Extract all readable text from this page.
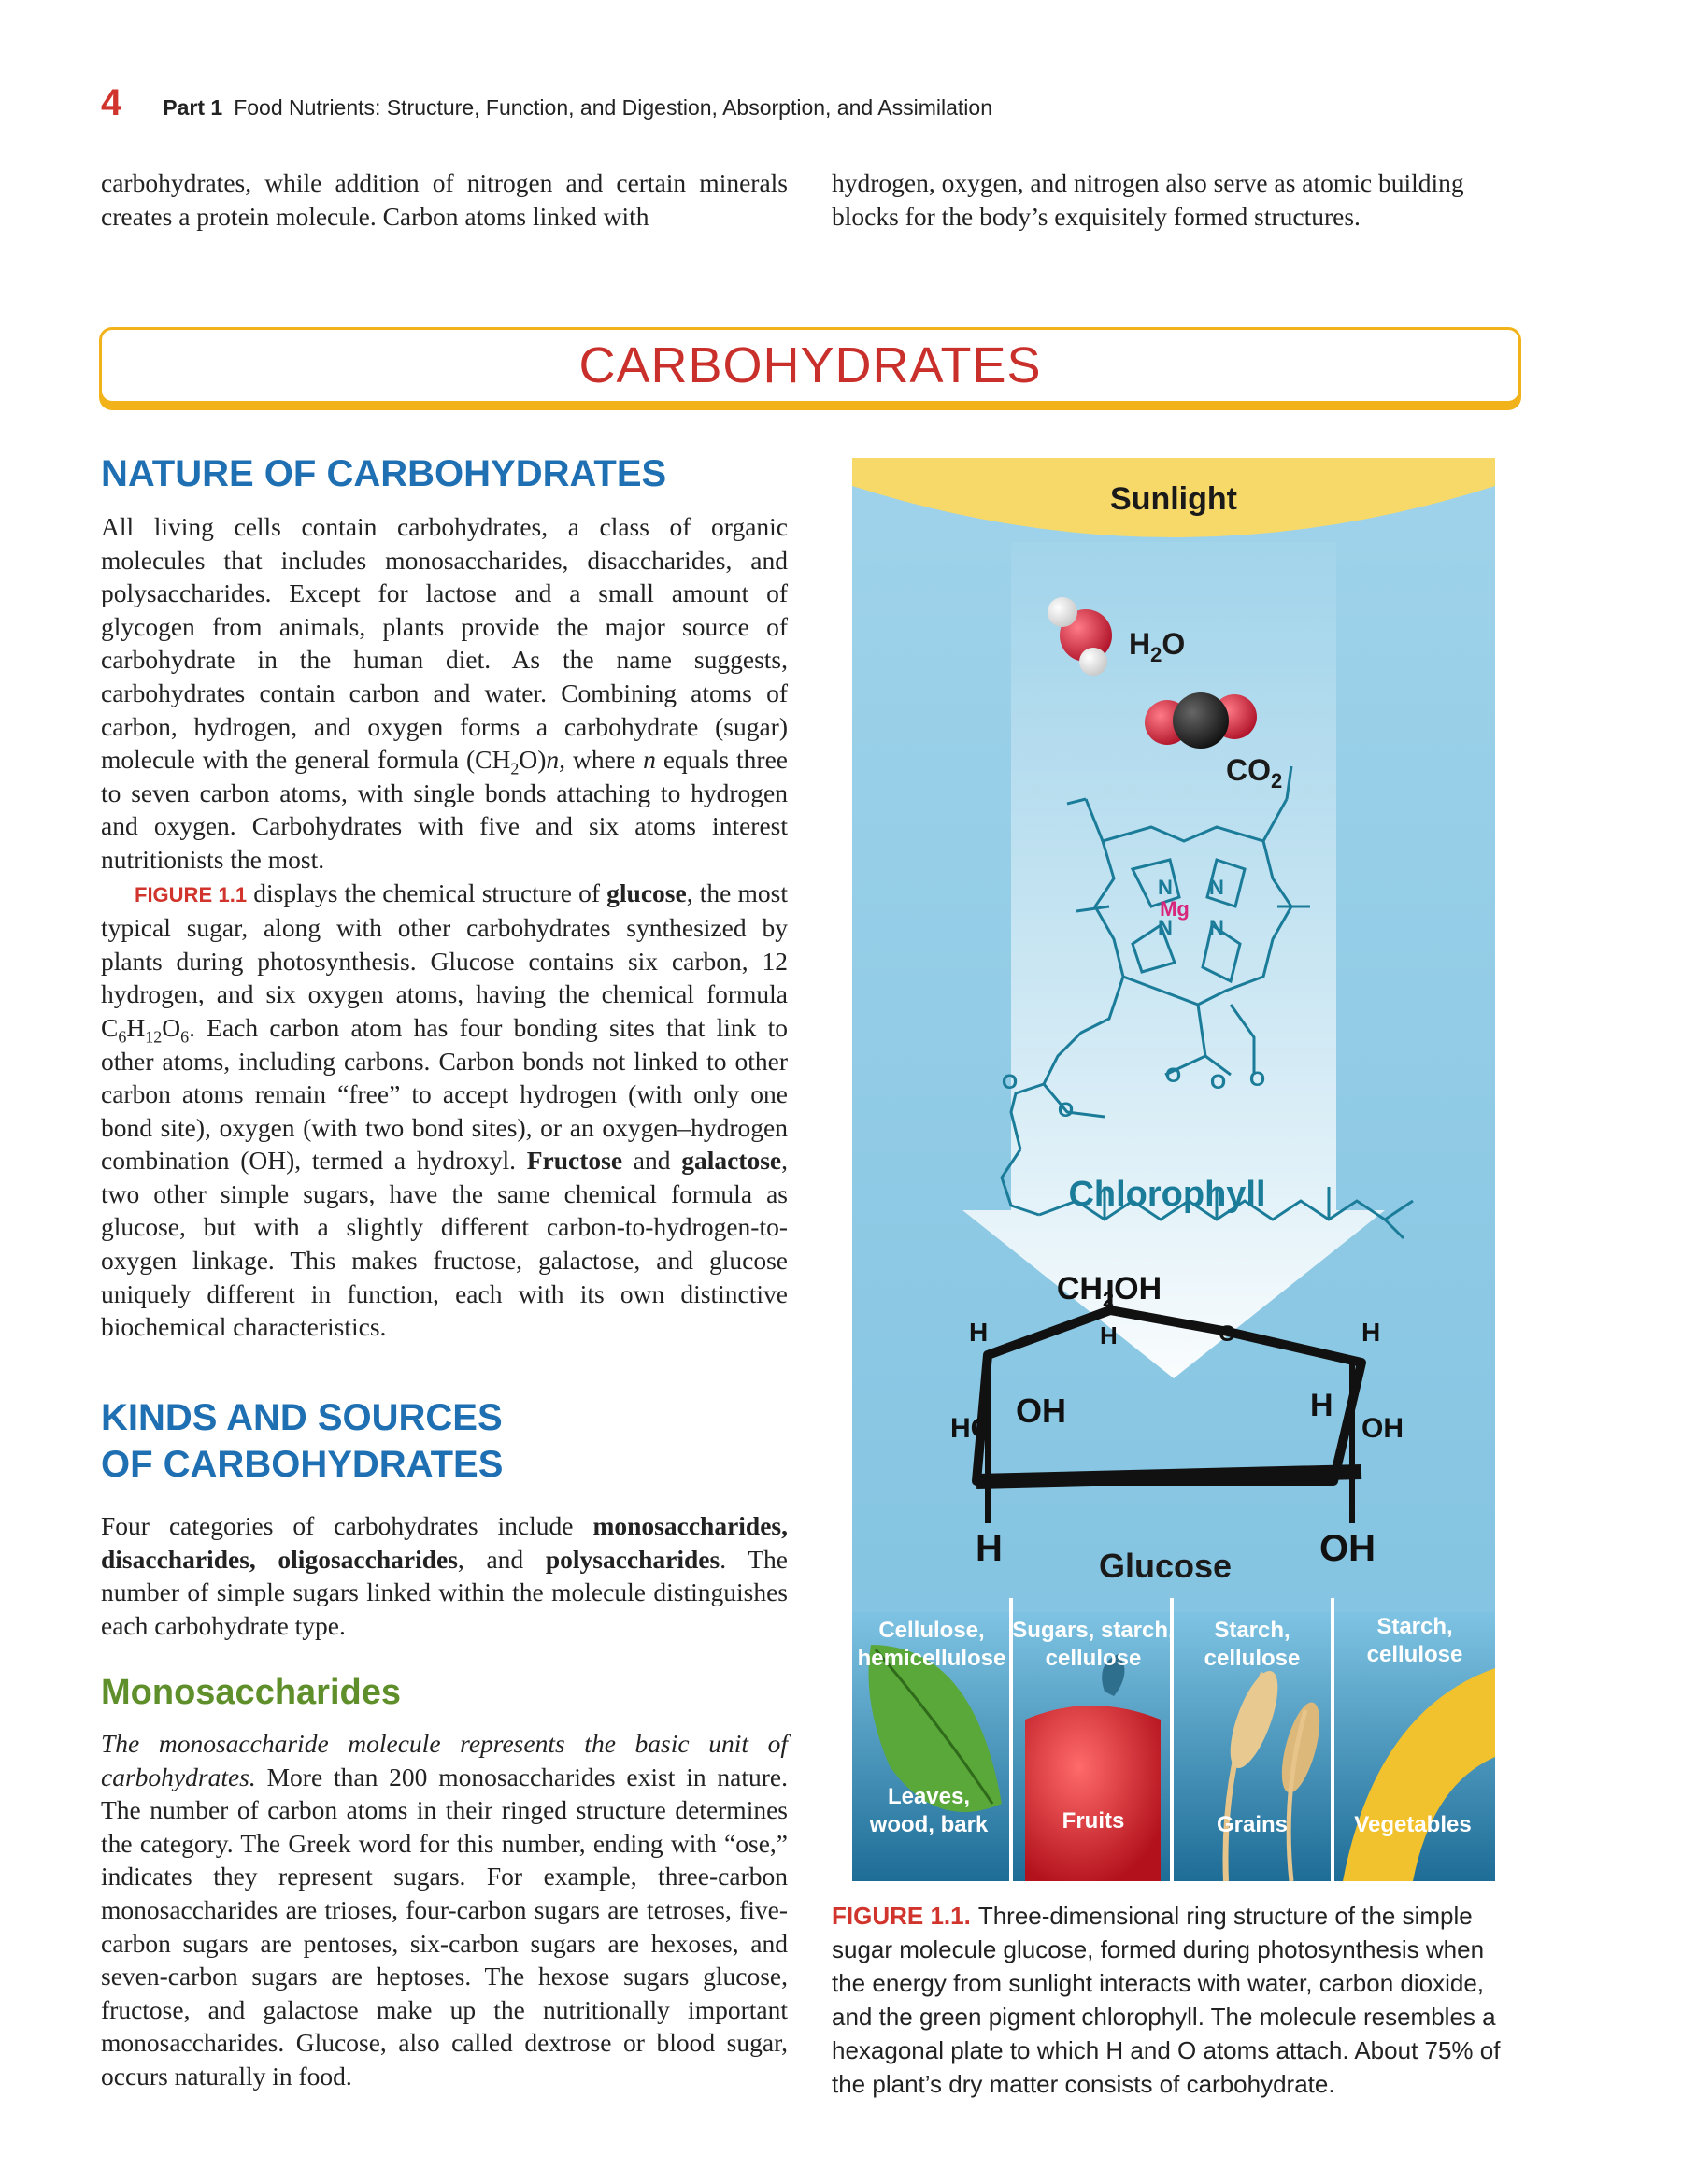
4 Part 1 Food Nutrients: Structure, Function, and Digestion, Absorption, and Assimilation

carbohydrates, while addition of nitrogen and certain minerals creates a protein molecule. Carbon atoms linked with

hydrogen, oxygen, and nitrogen also serve as atomic building blocks for the body’s exquisitely formed structures.

CARBOHYDRATES
NATURE OF CARBOHYDRATES

All living cells contain carbohydrates, a class of organic molecules that includes monosaccharides, disaccharides, and polysaccharides. Except for lactose and a small amount of glycogen from animals, plants provide the major source of carbohydrate in the human diet. As the name suggests, carbohydrates contain carbon and water. Combining atoms of carbon, hydrogen, and oxygen forms a carbohydrate (sugar) molecule with the general formula $(CH_2O)n$, where n equals three to seven carbon atoms, with single bonds attaching to hydrogen and oxygen. Carbohydrates with five and six atoms interest nutritionists the most.

FIGURE 1.1 displays the chemical structure of glucose, the most typical sugar, along with other carbohydrates synthesized by plants during photosynthesis. Glucose contains six carbon, 12 hydrogen, and six oxygen atoms, having the chemical formula $C_6H_{12}O_6$. Each carbon atom has four bonding sites that link to other atoms, including carbons. Carbon bonds not linked to other carbon atoms remain “free” to accept hydrogen (with only one bond site), oxygen (with two bond sites), or an oxygen–hydrogen combination (OH), termed a hydroxyl. Fructose and galactose, two other simple sugars, have the same chemical formula as glucose, but with a slightly different carbon-to-hydrogen-to-oxygen linkage. This makes fructose, galactose, and glucose uniquely different in function, each with its own distinctive biochemical characteristics.

KINDS AND SOURCES
OF CARBOHYDRATES

Four categories of carbohydrates include monosaccharides, disaccharides, oligosaccharides, and polysaccharides. The number of simple sugars linked within the molecule distinguishes each carbohydrate type.

Monosaccharides

The monosaccharide molecule represents the basic unit of carbohydrates. More than 200 monosaccharides exist in nature. The number of carbon atoms in their ringed structure determines the category. The Greek word for this number, ending with “ose,” indicates they represent sugars. For example, three-carbon monosaccharides are trioses, four-carbon sugars are tetroses, five-carbon sugars are pentoses, six-carbon sugars are hexoses, and seven-carbon sugars are heptoses. The hexose sugars glucose, fructose, and galactose make up the nutritionally important monosaccharides. Glucose, also called dextrose or blood sugar, occurs naturally in food.

Sunlight
$H_2O$
$CO_2$
N N
N N
O
O
O O O
Mg
Chlorophyll
$CH_2OH$
H	O
H	H
HO OH	H
OH
H	OH
Glucose
Cellulose,
hemicellulose
Sugars, starch,
cellulose
Starch,
cellulose
Starch,
cellulose
Leaves,
wood, bark	Fruits	Grains	Vegetables
FIGURE 1.1. Three-dimensional ring structure of the simple sugar molecule glucose, formed during photosynthesis when the energy from sunlight interacts with water, carbon dioxide, and the green pigment chlorophyll. The molecule resembles a hexagonal plate to which H and O atoms attach. About 75% of the plant’s dry matter consists of carbohydrate.
